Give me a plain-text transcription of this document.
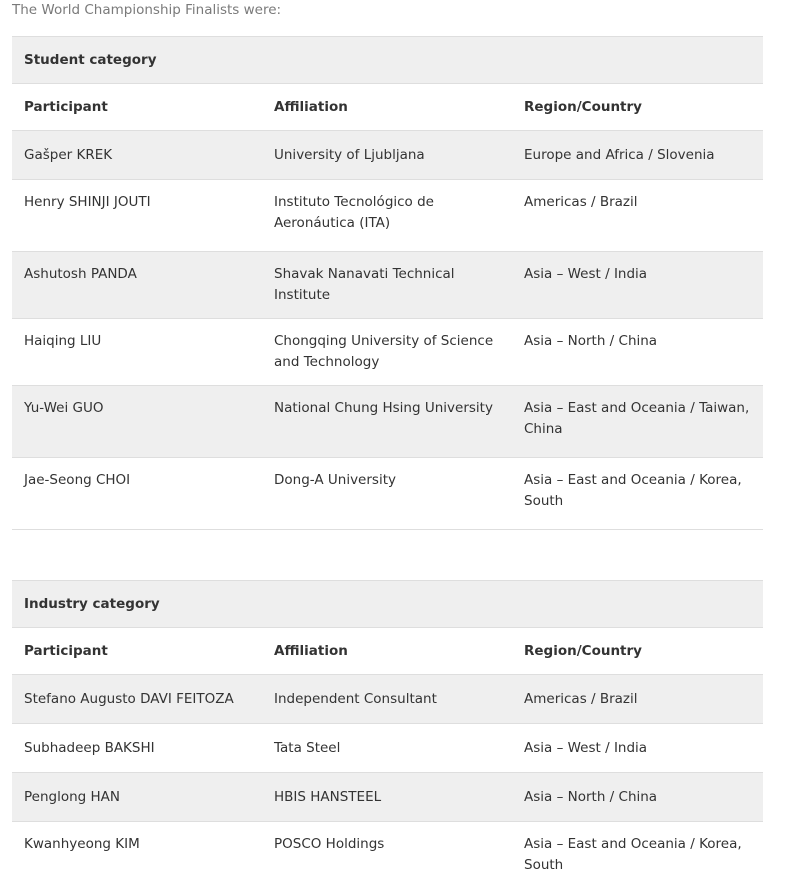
The World Championship Finalists were:
Student category		
Participant	Affiliation	Region/Country
Gašper KREK	University of Ljubljana	Europe and Africa / Slovenia
Henry SHINJI JOUTI	Instituto Tecnológico de Aeronáutica (ITA)	Americas / Brazil
Ashutosh PANDA	Shavak Nanavati Technical Institute	Asia – West / India
Haiqing LIU	Chongqing University of Science and Technology	Asia – North / China
Yu-Wei GUO	National Chung Hsing University	Asia – East and Oceania / Taiwan, China
Jae-Seong CHOI	Dong-A University	Asia – East and Oceania / Korea, South
Industry category		
Participant	Affiliation	Region/Country
Stefano Augusto DAVI FEITOZA	Independent Consultant	Americas / Brazil
Subhadeep BAKSHI	Tata Steel	Asia – West / India
Penglong HAN	HBIS HANSTEEL	Asia – North / China
Kwanhyeong KIM	POSCO Holdings	Asia – East and Oceania / Korea, South
